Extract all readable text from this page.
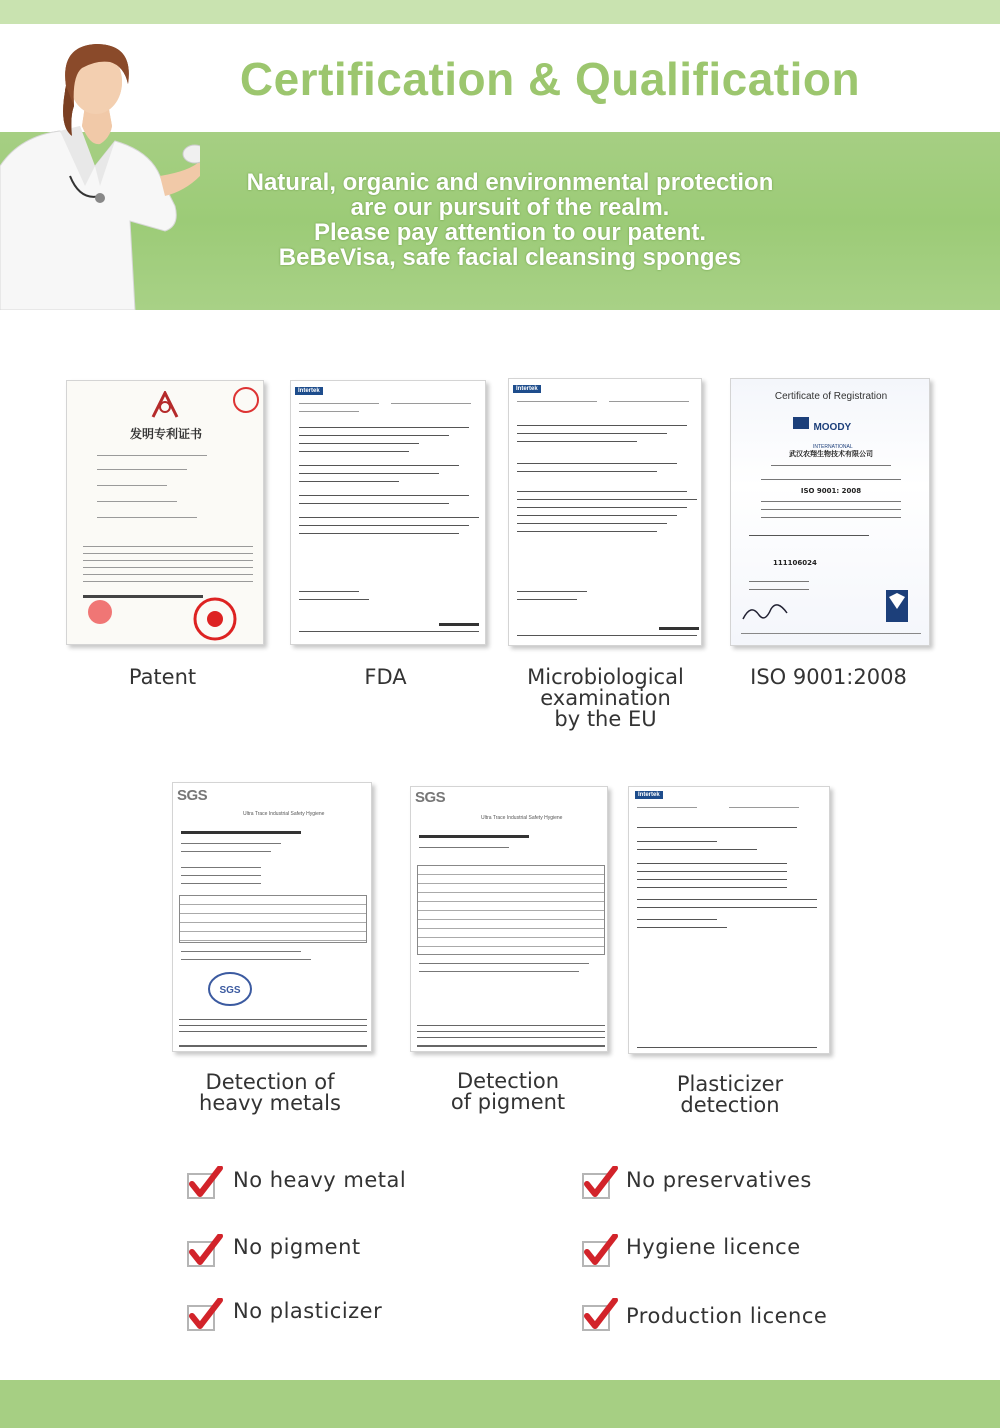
Certification & Qualification
Natural, organic and environmental protection
are our pursuit of the realm.
Please pay attention to our patent.
BeBeVisa, safe facial cleansing sponges
发明专利证书
Intertek	Intertek
Certificate of Registration
MOODY
INTERNATIONAL
武汉农翔生物技术有限公司
ISO 9001: 2008
111106024
Patent	FDA	Microbiological
examination
by the EU
ISO 9001:2008
SGS
Ultra Trace Industrial Safety Hygiene
SGS
SGS
Ultra Trace Industrial Safety Hygiene
Intertek
Detection of
heavy metals
Detection
of pigment
Plasticizer
detection
No heavy metal
No pigment
No plasticizer
No preservatives
Hygiene licence
Production licence
